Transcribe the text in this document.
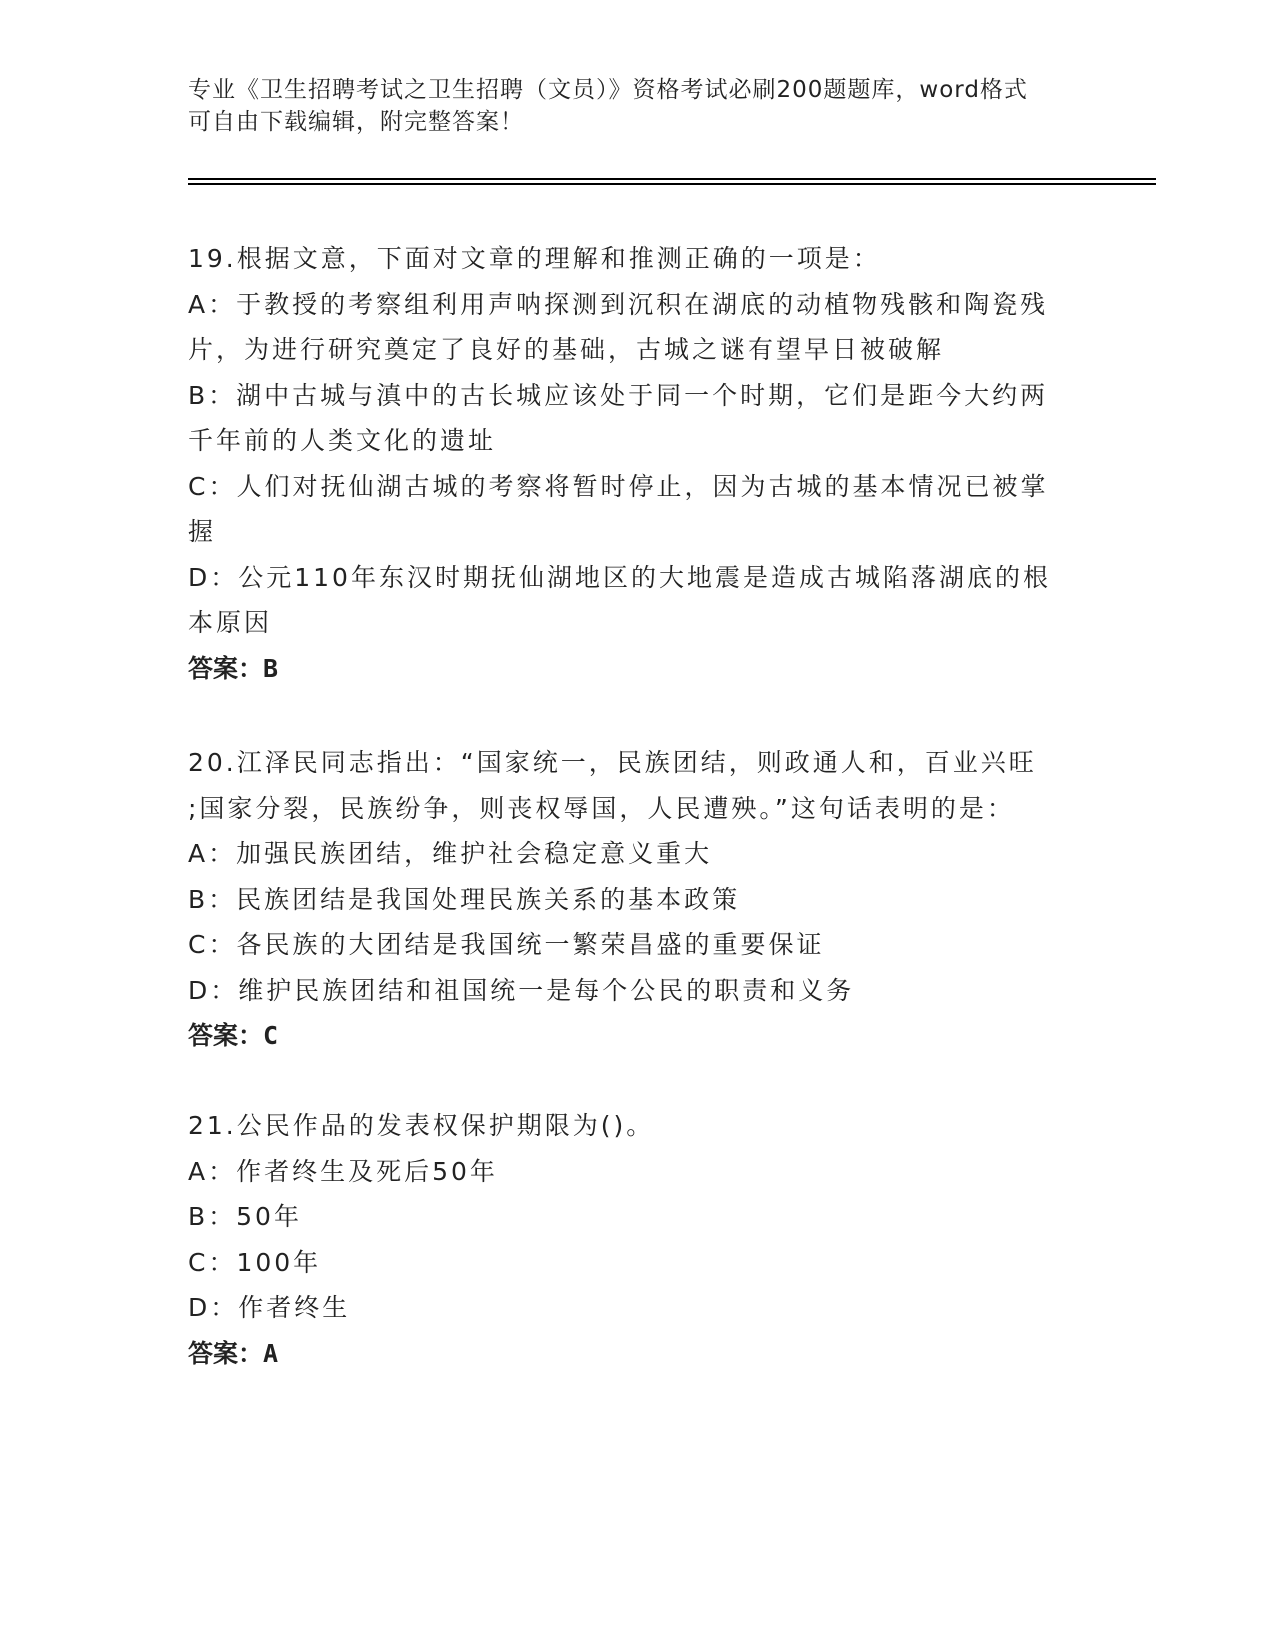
专业《卫生招聘考试之卫生招聘（文员）》资格考试必刷200题题库，word格式
可自由下载编辑，附完整答案！
19.根据文意，下面对文章的理解和推测正确的一项是：
A：于教授的考察组利用声呐探测到沉积在湖底的动植物残骸和陶瓷残
片，为进行研究奠定了良好的基础，古城之谜有望早日被破解
B：湖中古城与滇中的古长城应该处于同一个时期，它们是距今大约两
千年前的人类文化的遗址
C：人们对抚仙湖古城的考察将暂时停止，因为古城的基本情况已被掌
握
D：公元110年东汉时期抚仙湖地区的大地震是造成古城陷落湖底的根
本原因
答案：B
20.江泽民同志指出：“国家统一，民族团结，则政通人和，百业兴旺
;国家分裂，民族纷争，则丧权辱国，人民遭殃。”这句话表明的是：
A：加强民族团结，维护社会稳定意义重大
B：民族团结是我国处理民族关系的基本政策
C：各民族的大团结是我国统一繁荣昌盛的重要保证
D：维护民族团结和祖国统一是每个公民的职责和义务
答案：C
21.公民作品的发表权保护期限为()。
A：作者终生及死后50年
B：50年
C：100年
D：作者终生
答案：A
